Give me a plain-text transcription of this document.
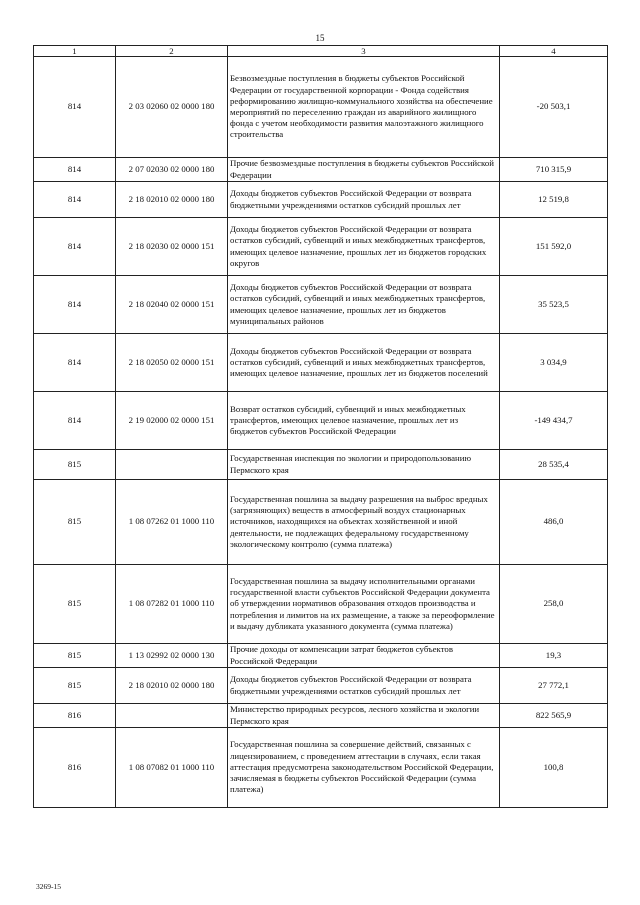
15
1	2	3	4
814	2 03 02060 02 0000 180	Безвозмездные поступления в бюджеты субъектов Российской Федерации от государственной корпорации - Фонда содействия реформированию жилищно-коммунального хозяйства на обеспечение мероприятий по переселению граждан из аварийного жилищного фонда с учетом необходимости развития малоэтажного жилищного строительства	-20 503,1
814	2 07 02030 02 0000 180	Прочие безвозмездные поступления в бюджеты субъектов Российской Федерации	710 315,9
814	2 18 02010 02 0000 180	Доходы бюджетов субъектов Российской Федерации от возврата бюджетными учреждениями остатков субсидий прошлых лет	12 519,8
814	2 18 02030 02 0000 151	Доходы бюджетов субъектов Российской Федерации от возврата остатков субсидий, субвенций и иных межбюджетных трансфертов, имеющих целевое назначение, прошлых лет из бюджетов городских округов	151 592,0
814	2 18 02040 02 0000 151	Доходы бюджетов субъектов Российской Федерации от возврата остатков субсидий, субвенций и иных межбюджетных трансфертов, имеющих целевое назначение, прошлых лет из бюджетов муниципальных районов	35 523,5
814	2 18 02050 02 0000 151	Доходы бюджетов субъектов Российской Федерации от возврата остатков субсидий, субвенций и иных межбюджетных трансфертов, имеющих целевое назначение, прошлых лет из бюджетов поселений	3 034,9
814	2 19 02000 02 0000 151	Возврат остатков субсидий, субвенций и иных межбюджетных трансфертов, имеющих целевое назначение, прошлых лет из бюджетов субъектов Российской Федерации	-149 434,7
815		Государственная инспекция по экологии и природопользованию Пермского края	28 535,4
815	1 08 07262 01 1000 110	Государственная пошлина за выдачу разрешения на выброс вредных (загрязняющих) веществ в атмосферный воздух стационарных источников, находящихся на объектах хозяйственной и иной деятельности, не подлежащих федеральному государственному экологическому контролю (сумма платежа)	486,0
815	1 08 07282 01 1000 110	Государственная пошлина за выдачу исполнительными органами государственной власти субъектов Российской Федерации документа об утверждении нормативов образования отходов производства и потребления и лимитов на их размещение, а также за переоформление и выдачу дубликата указанного документа (сумма платежа)	258,0
815	1 13 02992 02 0000 130	Прочие доходы от компенсации затрат бюджетов субъектов Российской Федерации	19,3
815	2 18 02010 02 0000 180	Доходы бюджетов субъектов Российской Федерации от возврата бюджетными учреждениями остатков субсидий прошлых лет	27 772,1
816		Министерство природных ресурсов, лесного хозяйства и экологии Пермского края	822 565,9
816	1 08 07082 01 1000 110	Государственная пошлина за совершение действий, связанных с лицензированием, с проведением аттестации в случаях, если такая аттестация предусмотрена законодательством Российской Федерации, зачисляемая в бюджеты субъектов Российской Федерации (сумма платежа)	100,8
3269-15
